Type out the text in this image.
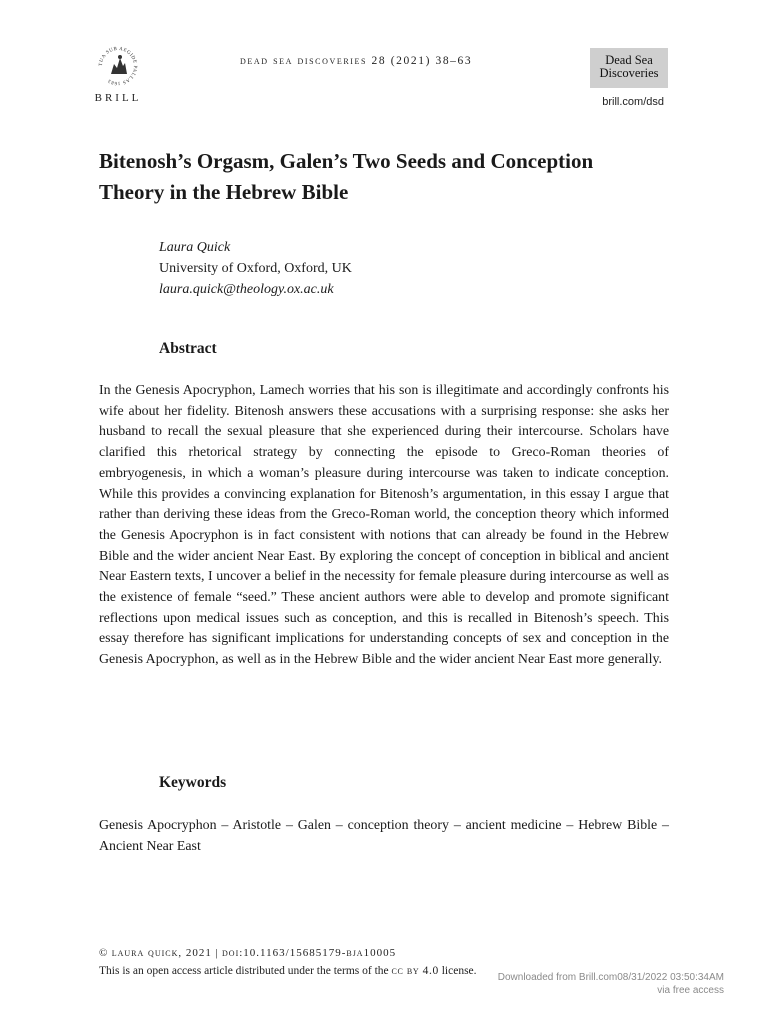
TUA SUB AEGIDE PALLAS 1683
BRILL
dead sea discoveries 28 (2021) 38–63	Dead Sea
Discoveries
brill.com/dsd
Bitenosh’s Orgasm, Galen’s Two Seeds and Conception Theory in the Hebrew Bible
Laura Quick
University of Oxford, Oxford, UK
laura.quick@theology.ox.ac.uk
Abstract

In the Genesis Apocryphon, Lamech worries that his son is illegitimate and accordingly confronts his wife about her fidelity. Bitenosh answers these accusations with a surprising response: she asks her husband to recall the sexual pleasure that she experienced during their intercourse. Scholars have clarified this rhetorical strategy by connecting the episode to Greco-Roman theories of embryogenesis, in which a woman’s pleasure during intercourse was taken to indicate conception. While this provides a convincing explanation for Bitenosh’s argumentation, in this essay I argue that rather than deriving these ideas from the Greco-Roman world, the conception theory which informed the Genesis Apocryphon is in fact consistent with notions that can already be found in the Hebrew Bible and the wider ancient Near East. By exploring the concept of conception in biblical and ancient Near Eastern texts, I uncover a belief in the necessity for female pleasure during intercourse as well as the existence of female “seed.” These ancient authors were able to develop and promote significant reflections upon medical issues such as conception, and this is recalled in Bitenosh’s speech. This essay therefore has significant implications for understanding concepts of sex and conception in the Genesis Apocryphon, as well as in the Hebrew Bible and the wider ancient Near East more generally.

Keywords

Genesis Apocryphon – Aristotle – Galen – conception theory – ancient medicine – Hebrew Bible – Ancient Near East

© laura quick, 2021 | doi:10.1163/15685179-bja10005
This is an open access article distributed under the terms of the cc by 4.0 license.
Downloaded from Brill.com08/31/2022 03:50:34AM
via free access
